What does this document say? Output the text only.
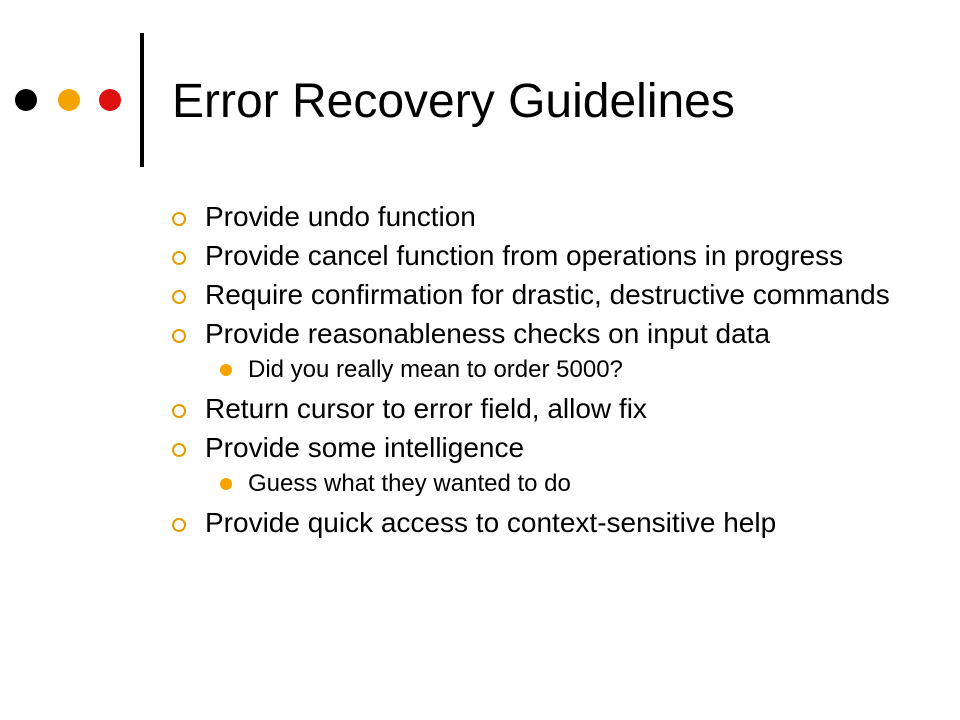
Error Recovery Guidelines
Provide undo function
Provide cancel function from operations in progress
Require confirmation for drastic, destructive commands
Provide reasonableness checks on input data
Did you really mean to order 5000?
Return cursor to error field, allow fix
Provide some intelligence
Guess what they wanted to do
Provide quick access to context-sensitive help
